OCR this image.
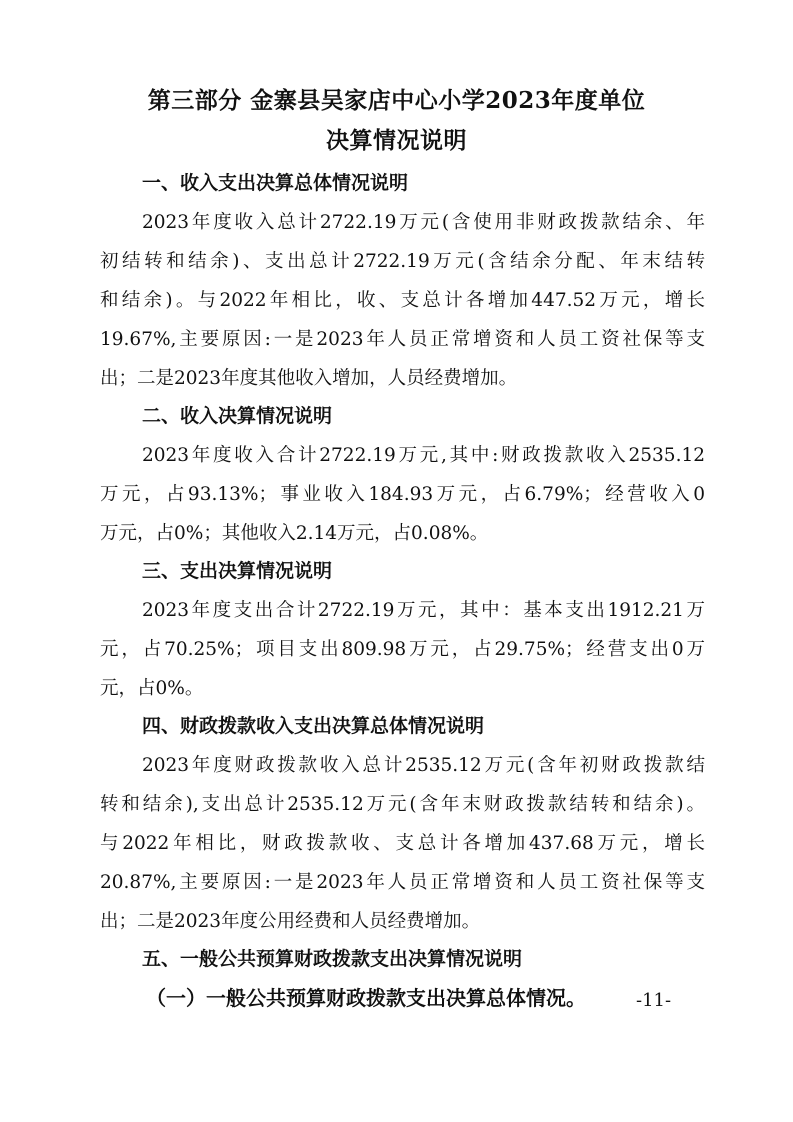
第三部分 金寨县吴家店中心小学2023年度单位
决算情况说明
一、收入支出决算总体情况说明
2023年度收入总计2722.19万元(含使用非财政拨款结余、年
初结转和结余)、支出总计2722.19万元(含结余分配、年末结转
和结余)。与2022年相比，收、支总计各增加447.52万元，增长
19.67%,主要原因:一是2023年人员正常增资和人员工资社保等支
出；二是2023年度其他收入增加，人员经费增加。
二、收入决算情况说明
2023年度收入合计2722.19万元,其中:财政拨款收入2535.12
万元，占93.13%；事业收入184.93万元，占6.79%；经营收入0
万元，占0%；其他收入2.14万元，占0.08%。
三、支出决算情况说明
2023年度支出合计2722.19万元，其中：基本支出1912.21万
元，占70.25%；项目支出809.98万元，占29.75%；经营支出0万
元，占0%。
四、财政拨款收入支出决算总体情况说明
2023年度财政拨款收入总计2535.12万元(含年初财政拨款结
转和结余),支出总计2535.12万元(含年末财政拨款结转和结余)。
与2022年相比，财政拨款收、支总计各增加437.68万元，增长
20.87%,主要原因:一是2023年人员正常增资和人员工资社保等支
出；二是2023年度公用经费和人员经费增加。
五、一般公共预算财政拨款支出决算情况说明
（一）一般公共预算财政拨款支出决算总体情况。	-11-
